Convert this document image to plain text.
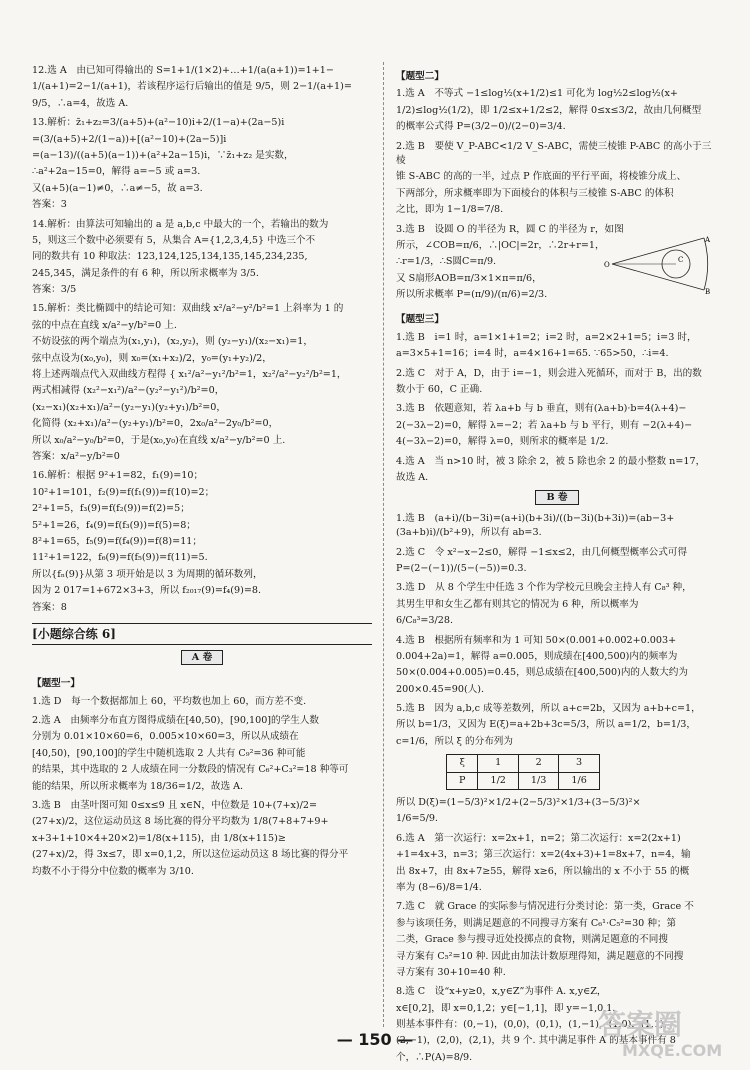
12.选 A　由已知可得输出的 S=1+1/(1×2)+…+1/(a(a+1))=1+1−
1/(a+1)=2−1/(a+1)，若该程序运行后输出的值是 9/5，则 2−1/(a+1)=
9/5，∴a=4，故选 A.
13.解析：z̄₁+z₂=3/(a+5)+(a²−10)i+2/(1−a)+(2a−5)i
=(3/(a+5)+2/(1−a))+[(a²−10)+(2a−5)]i
=(a−13)/((a+5)(a−1))+(a²+2a−15)i，∵z̄₁+z₂ 是实数，
∴a²+2a−15=0，解得 a=−5 或 a=3.
又(a+5)(a−1)≠0，∴a≠−5，故 a=3.
答案：3
14.解析：由算法可知输出的 a 是 a,b,c 中最大的一个，若输出的数为
5，则这三个数中必须要有 5，从集合 A={1,2,3,4,5} 中选三个不
同的数共有 10 种取法：123,124,125,134,135,145,234,235,
245,345，满足条件的有 6 种，所以所求概率为 3/5.
答案：3/5
15.解析：类比椭圆中的结论可知：双曲线 x²/a²−y²/b²=1 上斜率为 1 的
弦的中点在直线 x/a²−y/b²=0 上.
不妨设弦的两个端点为(x₁,y₁)，(x₂,y₂)，则 (y₂−y₁)/(x₂−x₁)=1，
弦中点设为(x₀,y₀)，则 x₀=(x₁+x₂)/2，y₀=(y₁+y₂)/2，
将上述两端点代入双曲线方程得 { x₁²/a²−y₁²/b²=1，x₂²/a²−y₂²/b²=1，
两式相减得 (x₂²−x₁²)/a²−(y₂²−y₁²)/b²=0，
(x₂−x₁)(x₂+x₁)/a²−(y₂−y₁)(y₂+y₁)/b²=0，
化简得 (x₂+x₁)/a²−(y₂+y₁)/b²=0，2x₀/a²−2y₀/b²=0，
所以 x₀/a²−y₀/b²=0，于是(x₀,y₀)在直线 x/a²−y/b²=0 上.
答案：x/a²−y/b²=0
16.解析：根据 9²+1=82，f₁(9)=10；
10²+1=101，f₂(9)=f(f₁(9))=f(10)=2；
2²+1=5，f₃(9)=f(f₂(9))=f(2)=5；
5²+1=26，f₄(9)=f(f₃(9))=f(5)=8；
8²+1=65，f₅(9)=f(f₄(9))=f(8)=11；
11²+1=122，f₆(9)=f(f₅(9))=f(11)=5.
所以{fₙ(9)}从第 3 项开始是以 3 为周期的循环数列，
因为 2 017=1+672×3+3，所以 f₂₀₁₇(9)=f₄(9)=8.
答案：8
[小题综合练 6]
A 卷
【题型一】
1.选 D　每一个数据都加上 60，平均数也加上 60，而方差不变.
2.选 A　由频率分布直方图得成绩在[40,50)，[90,100]的学生人数
分别为 0.01×10×60=6，0.005×10×60=3，所以从成绩在
[40,50)，[90,100]的学生中随机选取 2 人共有 C₉²=36 种可能
的结果，其中选取的 2 人成绩在同一分数段的情况有 C₆²+C₃²=18 种等可
能的结果，所以所求概率为 18/36=1/2，故选 A.
3.选 B　由茎叶图可知 0≤x≤9 且 x∈N，中位数是 10+(7+x)/2=
(27+x)/2，这位运动员这 8 场比赛的得分平均数为 1/8(7+8+7+9+
x+3+1+10×4+20×2)=1/8(x+115)，由 1/8(x+115)≥
(27+x)/2，得 3x≤7，即 x=0,1,2，所以这位运动员这 8 场比赛的得分平
均数不小于得分中位数的概率为 3/10.
【题型二】
1.选 A　不等式 −1≤log½(x+1/2)≤1 可化为 log½2≤log½(x+
1/2)≤log½(1/2)，即 1/2≤x+1/2≤2，解得 0≤x≤3/2，故由几何概型
的概率公式得 P=(3/2−0)/(2−0)=3/4.
2.选 B　要使 V_P-ABC<1/2 V_S-ABC，需使三棱锥 P-ABC 的高小于三棱
锥 S-ABC 的高的一半，过点 P 作底面的平行平面，将棱锥分成上、
下两部分，所求概率即为下面棱台的体积与三棱锥 S-ABC 的体积
之比，即为 1−1/8=7/8.
3.选 B　设圆 O 的半径为 R，圆 C 的半径为 r，如图
所示，∠COB=π/6，∴|OC|=2r，∴2r+r=1，
∴r=1/3，∴S圆C=π/9.
又 S扇形AOB=π/3×1×π=π/6，
所以所求概率 P=(π/9)/(π/6)=2/3.
A
O
C
B
【题型三】
1.选 B　i=1 时，a=1×1+1=2；i=2 时，a=2×2+1=5；i=3 时，
a=3×5+1=16；i=4 时，a=4×16+1=65. ∵65>50，∴i=4.
2.选 C　对于 A，D，由于 i=−1，则会进入死循环，而对于 B，出的数
数小于 60，C 正确.
3.选 B　依题意知，若 λa+b 与 b 垂直，则有(λa+b)·b=4(λ+4)−
2(−3λ−2)=0，解得 λ=−2；若 λa+b 与 b 平行，则有 −2(λ+4)−
4(−3λ−2)=0，解得 λ=0，则所求的概率是 1/2.
4.选 A　当 n>10 时，被 3 除余 2，被 5 除也余 2 的最小整数 n=17，
故选 A.
B 卷
1.选 B　(a+i)/(b−3i)=(a+i)(b+3i)/((b−3i)(b+3i))=(ab−3+(3a+b)i)/(b²+9)，所以有 ab=3.
2.选 C　令 x²−x−2≤0，解得 −1≤x≤2，由几何概型概率公式可得
P=(2−(−1))/(5−(−5))=0.3.
3.选 D　从 8 个学生中任选 3 个作为学校元旦晚会主持人有 C₈³ 种，
其男生甲和女生乙都有则其它的情况为 6 种，所以概率为
6/C₈³=3/28.
4.选 B　根据所有频率和为 1 可知 50×(0.001+0.002+0.003+
0.004+2a)=1，解得 a=0.005，则成绩在[400,500)内的频率为
50×(0.004+0.005)=0.45，则总成绩在[400,500)内的人数大约为
200×0.45=90(人).
5.选 B　因为 a,b,c 成等差数列，所以 a+c=2b，又因为 a+b+c=1，
所以 b=1/3，又因为 E(ξ)=a+2b+3c=5/3，所以 a=1/2，b=1/3，
c=1/6，所以 ξ 的分布列为
ξ	1	2	3
P	1/2	1/3	1/6
所以 D(ξ)=(1−5/3)²×1/2+(2−5/3)²×1/3+(3−5/3)²×
1/6=5/9.
6.选 A　第一次运行：x=2x+1，n=2；第二次运行：x=2(2x+1)
+1=4x+3，n=3；第三次运行：x=2(4x+3)+1=8x+7，n=4，输
出 8x+7，由 8x+7≥55，解得 x≥6，所以输出的 x 不小于 55 的概
率为 (8−6)/8=1/4.
7.选 C　就 Grace 的实际参与情况进行分类讨论：第一类，Grace 不
参与该项任务，则满足题意的不同搜寻方案有 C₆¹·C₅²=30 种；第
二类，Grace 参与搜寻近处投掷点的食物，则满足题意的不同搜
寻方案有 C₅²=10 种. 因此由加法计数原理得知，满足题意的不同搜
寻方案有 30+10=40 种.
8.选 C　设“x+y≥0，x,y∈Z”为事件 A. x,y∈Z，
x∈[0,2]，即 x=0,1,2；y∈[−1,1]，即 y=−1,0,1.
则基本事件有：(0,−1)，(0,0)，(0,1)，(1,−1)，(1,0)，(1,1)，
(2,−1)，(2,0)，(2,1)，共 9 个. 其中满足事件 A 的基本事件有 8
个，∴P(A)=8/9.
— 150 —	答案圈
MXQE.COM
